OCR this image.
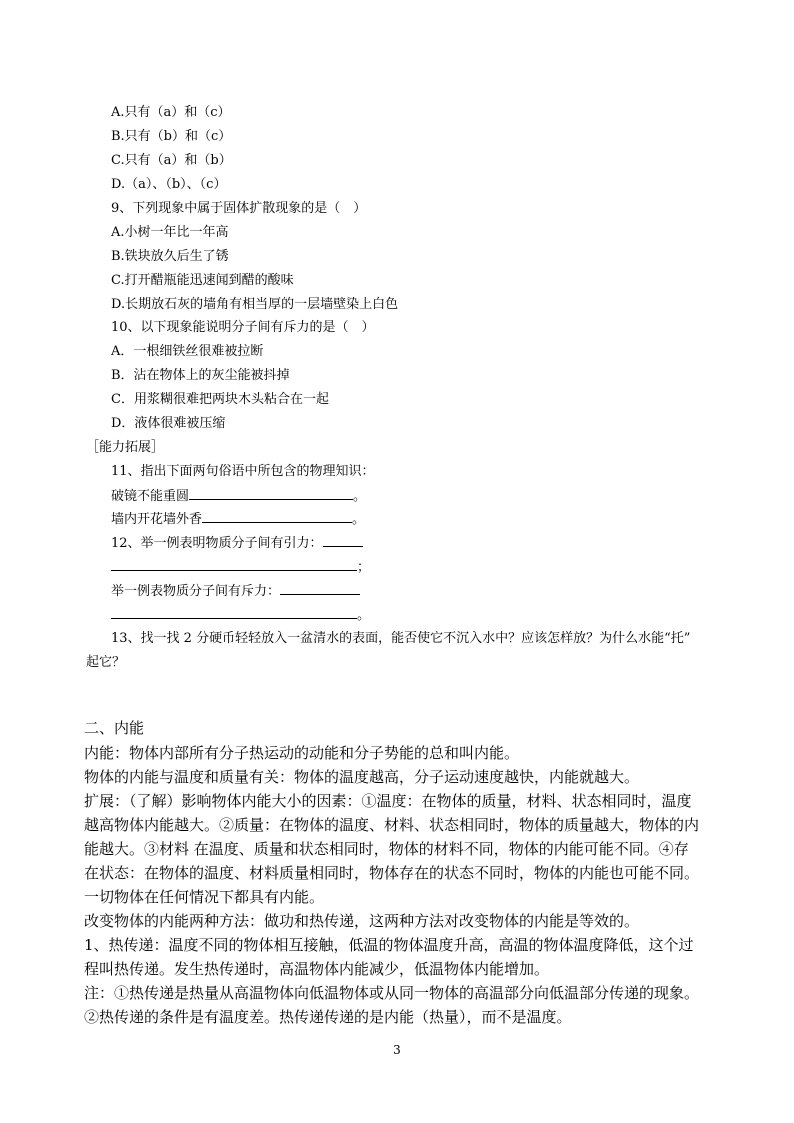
A.只有（a）和（c）
B.只有（b）和（c）
C.只有（a）和（b）
D.（a）、（b）、（c）
9、下列现象中属于固体扩散现象的是（　）
A.小树一年比一年高
B.铁块放久后生了锈
C.打开醋瓶能迅速闻到醋的酸味
D.长期放石灰的墙角有相当厚的一层墙壁染上白色
10、以下现象能说明分子间有斥力的是（　）
A．一根细铁丝很难被拉断
B．沾在物体上的灰尘能被抖掉
C．用浆糊很难把两块木头粘合在一起
D．液体很难被压缩
［能力拓展］
11、指出下面两句俗语中所包含的物理知识：
破镜不能重圆	。
墙内开花墙外香	。
12、举一例表明物质分子间有引力：
；
举一例表物质分子间有斥力：
。
13、找一找 2 分硬币轻轻放入一盆清水的表面，能否使它不沉入水中？应该怎样放？为什么水能“托”
起它？
二、内能
内能：物体内部所有分子热运动的动能和分子势能的总和叫内能。
物体的内能与温度和质量有关：物体的温度越高，分子运动速度越快，内能就越大。
扩展：（了解）影响物体内能大小的因素：①温度：在物体的质量，材料、状态相同时，温度
越高物体内能越大。②质量：在物体的温度、材料、状态相同时，物体的质量越大，物体的内
能越大。③材料 在温度、质量和状态相同时，物体的材料不同，物体的内能可能不同。④存
在状态：在物体的温度、材料质量相同时，物体存在的状态不同时，物体的内能也可能不同。
一切物体在任何情况下都具有内能。
改变物体的内能两种方法：做功和热传递，这两种方法对改变物体的内能是等效的。
1、热传递：温度不同的物体相互接触，低温的物体温度升高，高温的物体温度降低，这个过
程叫热传递。发生热传递时，高温物体内能减少，低温物体内能增加。
注：①热传递是热量从高温物体向低温物体或从同一物体的高温部分向低温部分传递的现象。
②热传递的条件是有温度差。热传递传递的是内能（热量），而不是温度。
3
